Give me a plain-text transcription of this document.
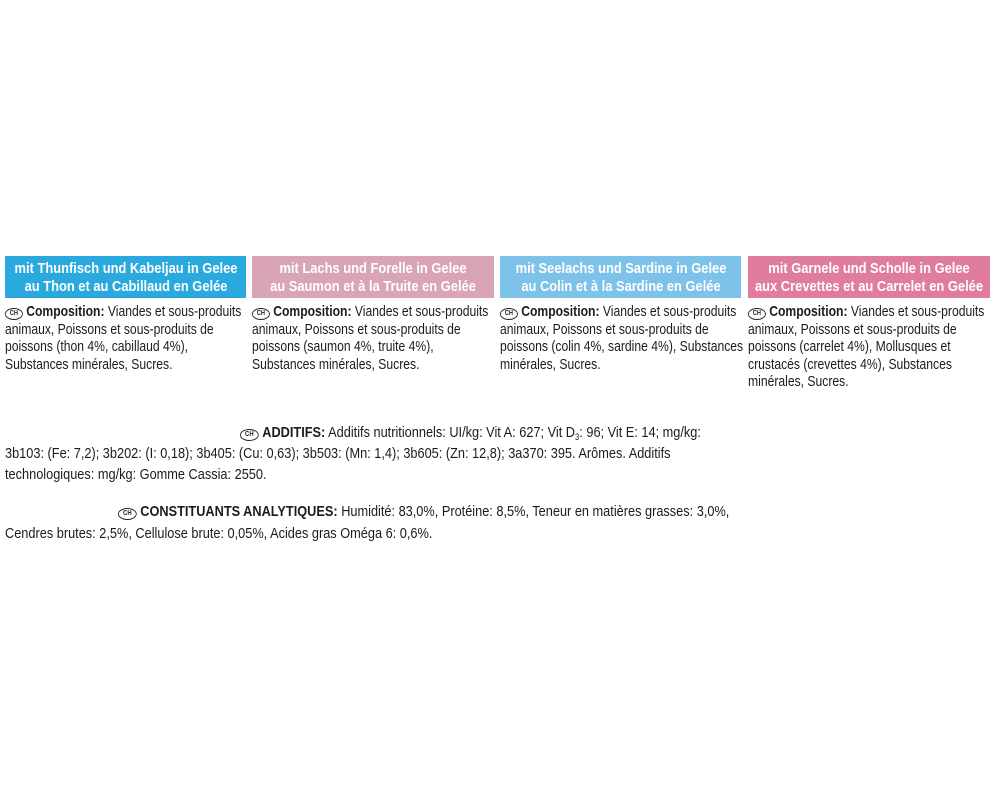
mit Thunfisch und Kabeljau in Gelee
au Thon et au Cabillaud en Gelée
CH Composition: Viandes et sous-produits
animaux, Poissons et sous-produits de
poissons (thon 4%, cabillaud 4%),
Substances minérales, Sucres.
mit Lachs und Forelle in Gelee
au Saumon et à la Truite en Gelée
CH Composition: Viandes et sous-produits
animaux, Poissons et sous-produits de
poissons (saumon 4%, truite 4%),
Substances minérales, Sucres.
mit Seelachs und Sardine in Gelee
au Colin et à la Sardine en Gelée
CH Composition: Viandes et sous-produits
animaux, Poissons et sous-produits de
poissons (colin 4%, sardine 4%), Substances
minérales, Sucres.
mit Garnele und Scholle in Gelee
aux Crevettes et au Carrelet en Gelée
CH Composition: Viandes et sous-produits
animaux, Poissons et sous-produits de
poissons (carrelet 4%), Mollusques et
crustacés (crevettes 4%), Substances
minérales, Sucres.
CH ADDITIFS: Additifs nutritionnels: UI/kg: Vit A: 627; Vit $D_3$: 96; Vit E: 14; mg/kg:
3b103: (Fe: 7,2); 3b202: (I: 0,18); 3b405: (Cu: 0,63); 3b503: (Mn: 1,4); 3b605: (Zn: 12,8); 3a370: 395. Arômes. Additifs
technologiques: mg/kg: Gomme Cassia: 2550.
CH CONSTITUANTS ANALYTIQUES: Humidité: 83,0%, Protéine: 8,5%, Teneur en matières grasses: 3,0%,
Cendres brutes: 2,5%, Cellulose brute: 0,05%, Acides gras Oméga 6: 0,6%.
